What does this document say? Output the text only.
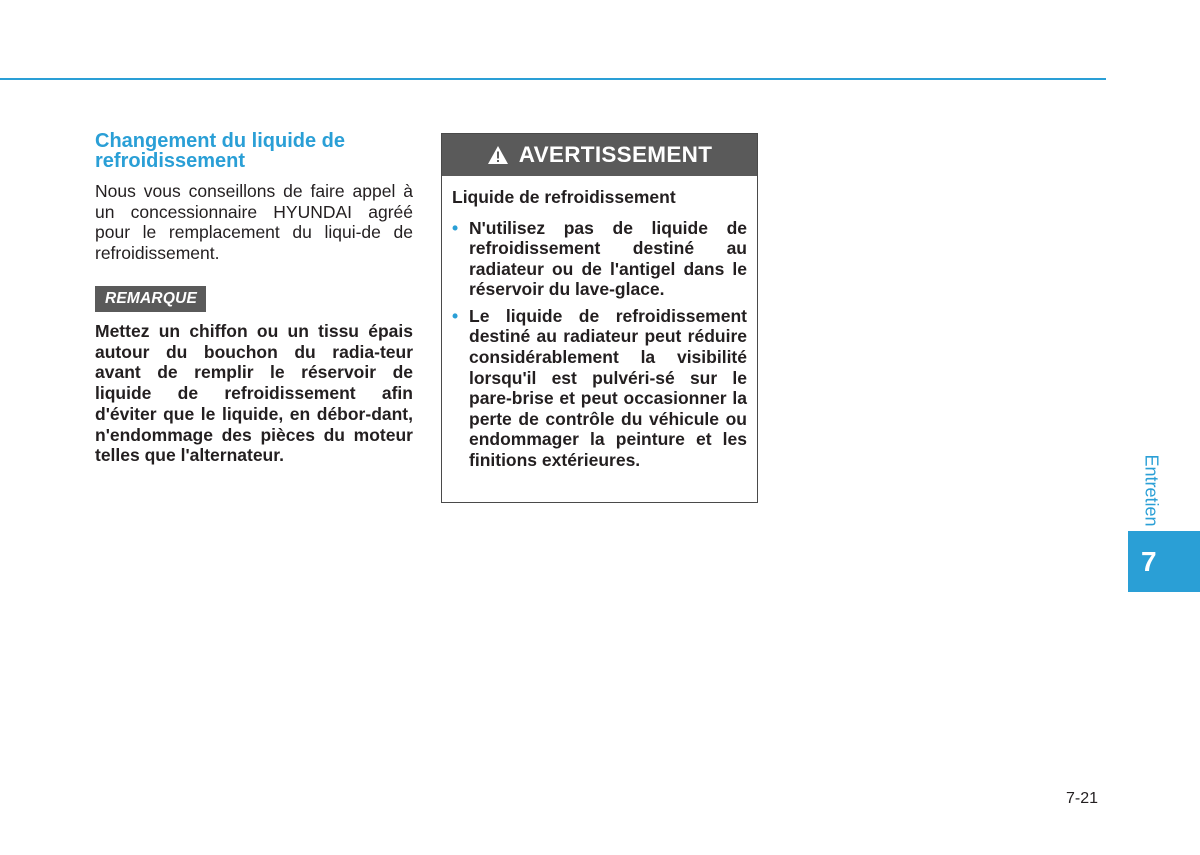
Changement du liquide de refroidissement

Nous vous conseillons de faire appel à un concessionnaire HYUNDAI agréé pour le remplacement du liqui-de de refroidissement.

REMARQUE

Mettez un chiffon ou un tissu épais autour du bouchon du radia-teur avant de remplir le réservoir de liquide de refroidissement afin d'éviter que le liquide, en débor-dant, n'endommage des pièces du moteur telles que l'alternateur.

AVERTISSEMENT

Liquide de refroidissement

• N'utilisez pas de liquide de refroidissement destiné au radiateur ou de l'antigel dans le réservoir du lave-glace.
• Le liquide de refroidissement destiné au radiateur peut réduire considérablement la visibilité lorsqu'il est pulvéri-sé sur le pare-brise et peut occasionner la perte de contrôle du véhicule ou endommager la peinture et les finitions extérieures.	Entretien
7
7-21
